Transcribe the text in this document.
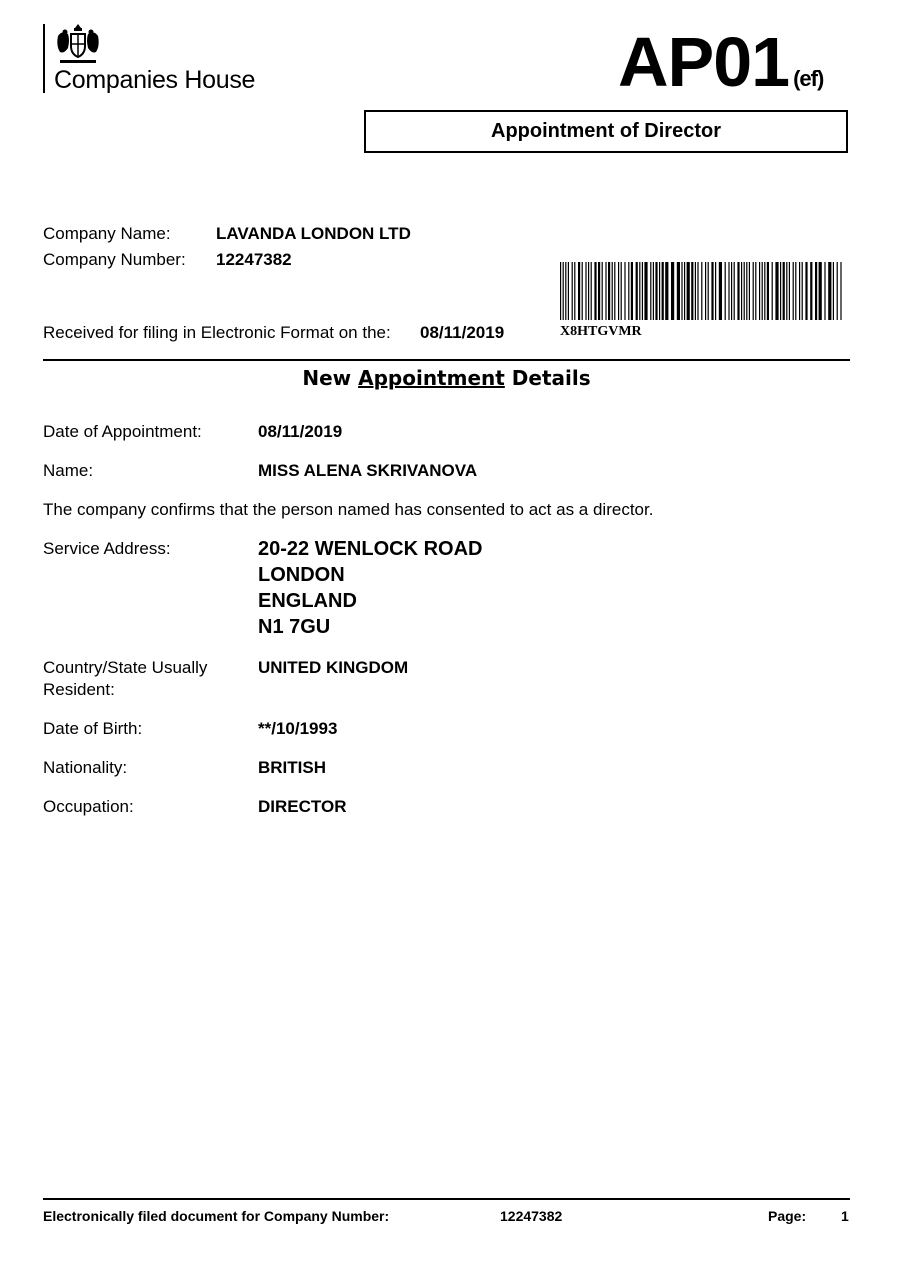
Companies House	AP01 (ef)
Appointment of Director
Company Name:	LAVANDA LONDON LTD
Company Number: 12247382
X8HTGVMR
Received for filing in Electronic Format on the: 08/11/2019
New Appointment Details
Date of Appointment:	08/11/2019
Name:	MISS ALENA SKRIVANOVA
The company confirms that the person named has consented to act as a director.
Service Address:	20-22 WENLOCK ROAD
LONDON
ENGLAND
N1 7GU
Country/State Usually
Resident:
UNITED KINGDOM
Date of Birth:	**/10/1993
Nationality:	BRITISH
Occupation:	DIRECTOR
Electronically filed document for Company Number:	12247382	Page: 1
